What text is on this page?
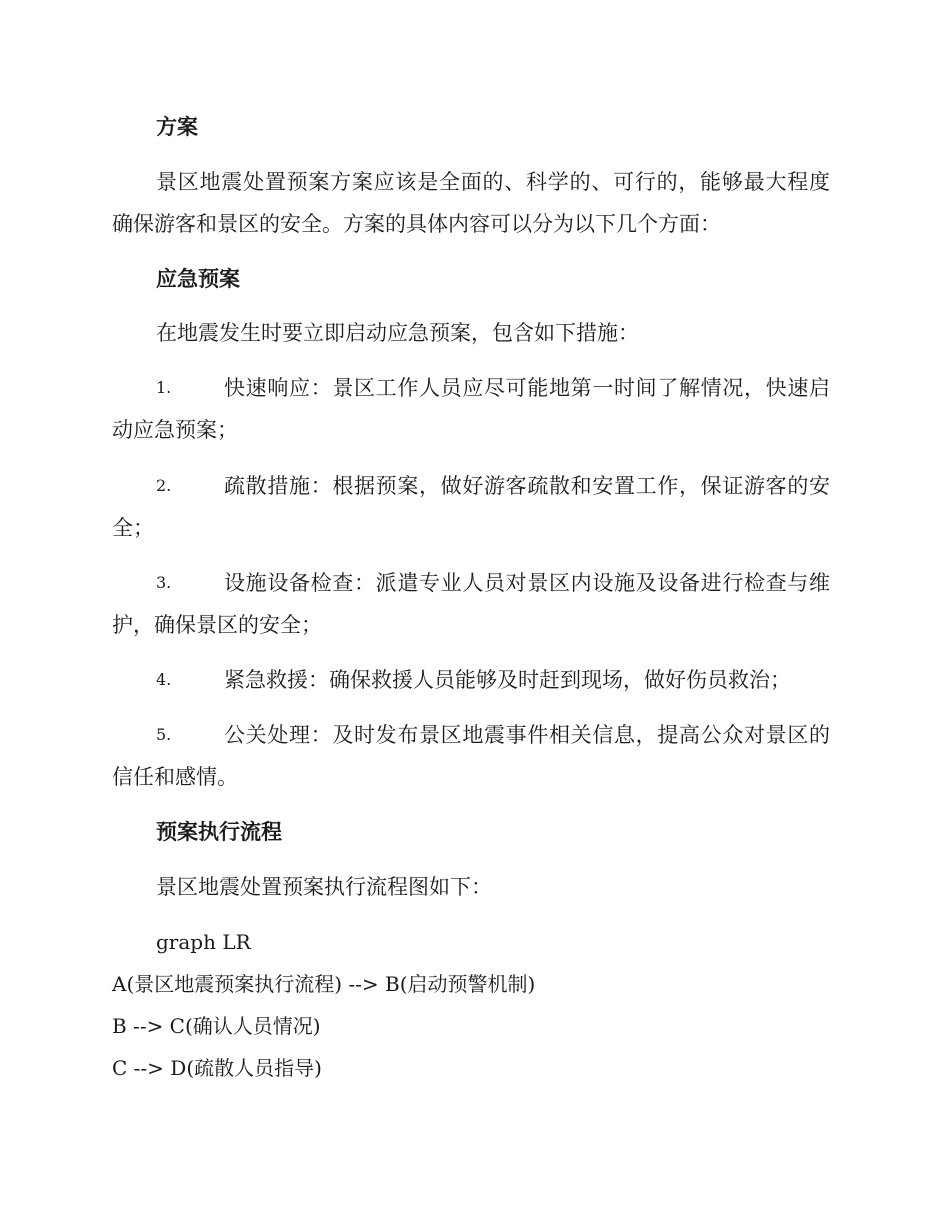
方案
景区地震处置预案方案应该是全面的、科学的、可行的，能够最大程度
确保游客和景区的安全。方案的具体内容可以分为以下几个方面：
应急预案
在地震发生时要立即启动应急预案，包含如下措施：
1.	快速响应：景区工作人员应尽可能地第一时间了解情况，快速启
动应急预案；
2.	疏散措施：根据预案，做好游客疏散和安置工作，保证游客的安
全；
3.	设施设备检查：派遣专业人员对景区内设施及设备进行检查与维
护，确保景区的安全；
4.	紧急救援：确保救援人员能够及时赶到现场，做好伤员救治；
5.	公关处理：及时发布景区地震事件相关信息，提高公众对景区的
信任和感情。
预案执行流程
景区地震处置预案执行流程图如下：
graph LR
A(景区地震预案执行流程) --> B(启动预警机制)
B --> C(确认人员情况)
C --> D(疏散人员指导)
